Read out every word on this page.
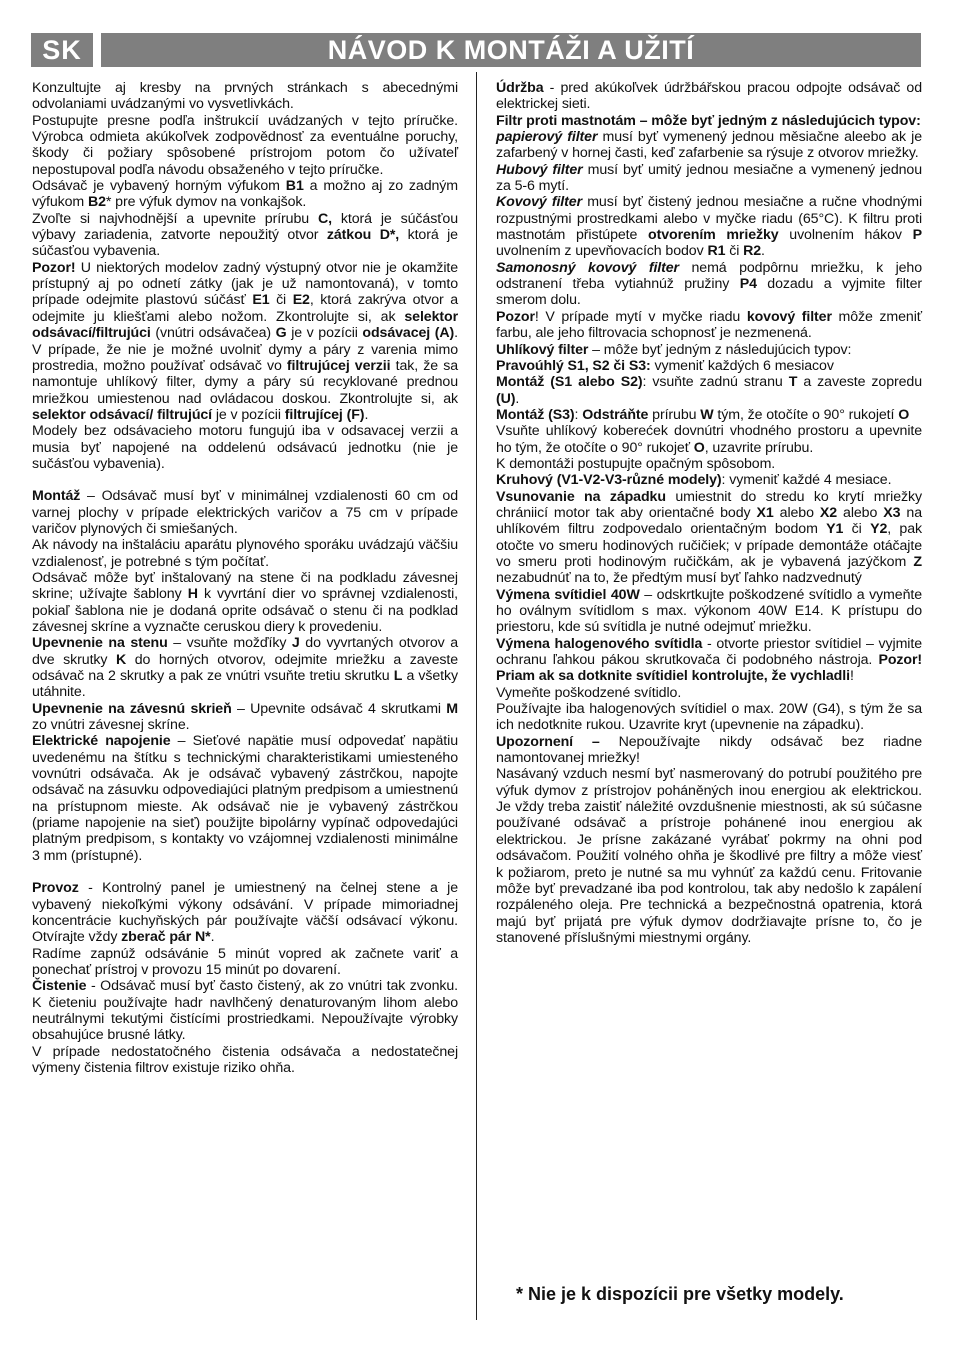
SK	NÁVOD K MONTÁŽI A UŽITÍ

Konzultujte aj kresby na prvných stránkach s abecednými odvolaniami uvádzanými vo vysvetlivkách.

Postupujte presne podľa inštrukcií uvádzaných v tejto príručke. Výrobca odmieta akúkoľvek zodpovědnosť za eventuálne poruchy, škody či požiary spôsobené prístrojom potom čo užívateľ nepostupoval podľa návodu obsaženého v tejto príručke.

Odsávač je vybavený horným výfukom B1 a možno aj zo zadným výfukom B2* pre výfuk dymov na vonkajšok.

Zvoľte si najvhodnější a upevnite prírubu C, ktorá je súčásťou výbavy zariadenia, zatvorte nepoužitý otvor zátkou D*, ktorá je súčasťou vybavenia.

Pozor! U niektorých modelov zadný výstupný otvor nie je okamžite prístupný aj po odnetí zátky (jak je už namontovaná), v tomto prípade odejmite plastovú súčásť E1 či E2, ktorá zakrýva otvor a odejmite ju kliešťami alebo nožom. Zkontrolujte si, ak selektor odsávací/filtrujúci (vnútri odsávačea) G je v pozícii odsávacej (A). V prípade, že nie je možné uvolniť dymy a páry z varenia mimo prostredia, možno používať odsávač vo filtrujúcej verzii tak, že sa namontuje uhlíkový filter, dymy a páry sú recyklované prednou mriežkou umiestenou nad ovládacou doskou. Zkontrolujte si, ak selektor odsávací/ filtrujúcí je v pozícii filtrujícej (F).

Modely bez odsávacieho motoru fungujú iba v odsavacej verzii a musia byť napojené na oddelenú odsávacú jednotku (nie je sučásťou vybavenia).

Montáž – Odsávač musí byť v minimálnej vzdialenosti 60 cm od varnej plochy v prípade elektrických varičov a 75 cm v prípade varičov plynových či smiešaných.

Ak návody na inštaláciu aparátu plynového sporáku uvádzajú väčšiu vzdialenosť, je potrebné s tým počítať.

Odsávač môže byť inštalovaný na stene či na podkladu závesnej skrine; užívajte šablony H k vyvrtání dier vo správnej vzdialenosti, pokiaľ šablona nie je dodaná oprite odsávač o stenu či na podklad závesnej skríne a vyznačte ceruskou diery k provedeniu.

Upevnenie na stenu – vsuňte možďíky J do vyvrtaných otvorov a dve skrutky K do horných otvorov, odejmite mriežku a zaveste odsávač na 2 skrutky a pak ze vnútri vsuňte tretiu skrutku L a všetky utáhnite.

Upevnenie na závesnú skrieň – Upevnite odsávač 4 skrutkami M zo vnútri závesnej skríne.

Elektrické napojenie – Sieťové napätie musí odpovedať napätiu uvedenému na štítku s technickými charakteristikami umiesteného vovnútri odsávača. Ak je odsávač vybavený zástrčkou, napojte odsávač na zásuvku odpovediajúci platným predpisom a umiestnenú na prístupnom mieste. Ak odsávač nie je vybavený zástrčkou (priame napojenie na sieť) použijte bipolárny vypínač odpovedajúci platným predpisom, s kontakty vo vzájomnej vzdialenosti minimálne 3 mm (prístupné).

Provoz - Kontrolný panel je umiestnený na čelnej stene a je vybavený niekoľkými výkony odsávání. V prípade mimoriadnej koncentrácie kuchyňských pár používajte väčší odsávací výkonu. Otvírajte vždy zberač pár N*.

Radíme zapnúž odsávánie 5 minút vopred ak začnete variť a ponechať prístroj v provozu 15 minút po dovarení.

Čistenie - Odsávač musí byť často čistený, ak zo vnútri tak zvonku. K čieteniu používajte hadr navlhčený denaturovaným lihom alebo neutrálnymi tekutými čistícími prostriedkami. Nepoužívajte výrobky obsahujúce brusné látky.

V prípade nedostatočného čistenia odsávača a nedostatečnej výmeny čistenia filtrov existuje riziko ohňa.

Údržba - pred akúkoľvek údržbářskou pracou odpojte odsávač od elektrickej sieti.

Filtr proti mastnotám – môže byť jedným z následujúcich typov:

papierový filter musí byť vymenený jednou měsiačne aleebo ak je zafarbený v hornej časti, keď zafarbenie sa rýsuje z otvorov mriežky.

Hubový filter musí byť umitý jednou mesiačne a vymenený jednou za 5-6 mytí.

Kovový filter musí byť čistený jednou mesiačne a ručne vhodnými rozpustnými prostredkami alebo v myčke riadu (65°C). K filtru proti mastnotám přistúpete otvorením mriežky uvolnením hákov P uvolnením z upevňovacích bodov R1 či R2.

Samonosný kovový filter nemá podpôrnu mriežku, k jeho odstranení třeba vytiahnúž pružiny P4 dozadu a vyjmite filter smerom dolu.

Pozor! V prípade mytí v myčke riadu kovový filter môže zmeniť farbu, ale jeho filtrovacia schopnosť je nezmenená.

Uhlíkový filter – môže byť jedným z následujúcich typov:

Pravoúhlý S1, S2 či S3: vymeniť každých 6 mesiacov

Montáž (S1 alebo S2): vsuňte zadnú stranu T a zaveste zopredu (U).

Montáž (S3): Odstráňte prírubu W tým, že otočíte o 90° rukojetí O

Vsuňte uhlíkový koberećek dovnútri vhodného prostoru a upevnite ho tým, že otočíte o 90° rukojeť O, uzavrite prírubu.

K demontáži postupujte opačným spôsobom.

Kruhový (V1-V2-V3-různé modely): vymeniť každé 4 mesiace.

Vsunovanie na západku umiestnit do stredu ko krytí mriežky chrániicí motor tak aby orientačné body X1 alebo X2 alebo X3 na uhlíkovém filtru zodpovedalo orientačným bodom Y1 či Y2, pak otočte vo smeru hodinových ručičiek; v prípade demontáže otáčajte vo smeru proti hodinovým ručičkám, ak je vybavená jazýčkom Z nezabudnúť na to, že předtým musí byť ľahko nadzvednutý

Výmena svítidiel 40W – odskrtkujte poškodzené svítidlo a vymeňte ho oválnym svítidlom s max. výkonom 40W E14. K prístupu do priestoru, kde sú svítidla je nutné odejmuť mriežku.

Výmena halogenového svítidla - otvorte priestor svítidiel – vyjmite ochranu ľahkou pákou skrutkovača či podobného nástroja. Pozor! Priam ak sa dotknite svítidiel kontrolujte, že vychladli!

Vymeňte poškodzené svítidlo.

Používajte iba halogenových svítidiel o max. 20W (G4), s tým že sa ich nedotknite rukou. Uzavrite kryt (upevnenie na západku).

Upozornení – Nepoužívajte nikdy odsávač bez riadne namontovanej mriežky!

Nasávaný vzduch nesmí byť nasmerovaný do potrubí použitého pre výfuk dymov z prístrojov poháněných inou energiou ak elektrickou. Je vždy treba zaistiť náležité ovzdušnenie miestnosti, ak sú súčasne používané odsávač a prístroje pohánené inou energiou ak elektrickou. Je prísne zakázané vyrábať pokrmy na ohni pod odsávačom. Použití volného ohňa je škodlivé pre filtry a môže viesť k požiarom, preto je nutné sa mu vyhnúť za každú cenu. Fritovanie môže byť prevadzané iba pod kontrolou, tak aby nedošlo k zapálení rozpáleného oleja. Pre technická a bezpečnostná opatrenia, ktorá majú byť prijatá pre výfuk dymov dodržiavajte prísne to, čo je stanovené příslušnými miestnymi orgány.

* Nie je k dispozícii pre všetky modely.
